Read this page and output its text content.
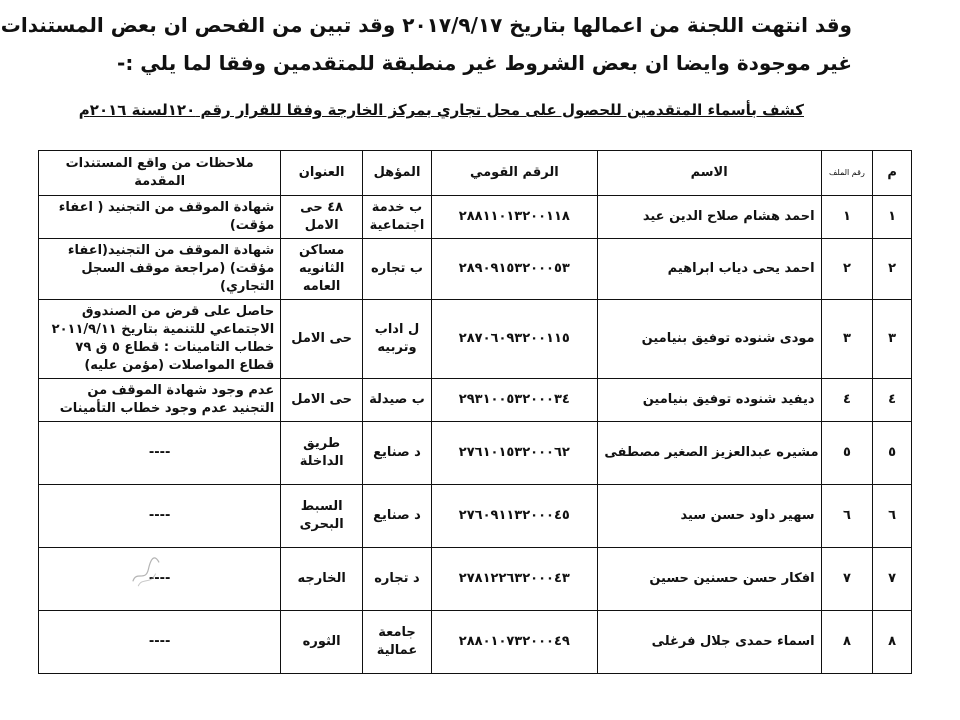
وقد انتهت اللجنة من اعمالها بتاريخ ٢٠١٧/٩/١٧ وقد تبين من الفحص ان بعض المستندات

غير موجودة وايضا ان بعض الشروط غير منطبقة للمتقدمين وفقا لما يلي :-

كشف بأسماء المتقدمين للحصول على محل تجاري بمركز الخارجة وفقا للقرار رقم ١٢٠لسنة ٢٠١٦م
م	رقم الملف	الاسم	الرقم القومي	المؤهل	العنوان	ملاحظات من واقع المستندات المقدمة
١	١	احمد هشام صلاح الدين عيد	٢٨٨١١٠١٣٢٠٠١١٨	ب خدمة اجتماعية	٤٨ حى الامل	شهادة الموقف من التجنيد ( اعفاء مؤقت)
٢	٢	احمد يحى دياب ابراهيم	٢٨٩٠٩١٥٣٢٠٠٠٥٣	ب تجاره	مساكن الثانويه العامه	شهادة الموقف من التجنيد(اعفاء مؤقت) (مراجعة موقف السجل التجاري)
٣	٣	مودى شنوده توفيق بنيامين	٢٨٧٠٦٠٩٣٢٠٠١١٥	ل اداب وتربيه	حى الامل	حاصل على قرض من الصندوق الاجتماعي للتنمية بتاريخ ٢٠١١/٩/١١ خطاب التامينات : قطاع ٥ ق ٧٩ قطاع المواصلات (مؤمن عليه)
٤	٤	ديفيد شنوده توفيق بنيامين	٢٩٣١٠٠٥٣٢٠٠٠٣٤	ب صيدلة	حى الامل	عدم وجود شهادة الموقف من التجنيد عدم وجود خطاب التأمينات
٥	٥	مشيره عبدالعزيز الصغير مصطفى	٢٧٦١٠١٥٣٢٠٠٠٦٢	د صنايع	طريق الداخلة	----
٦	٦	سهير داود حسن سيد	٢٧٦٠٩١١٣٢٠٠٠٤٥	د صنايع	السبط البحرى	----
٧	٧	افكار حسن حسنين حسين	٢٧٨١٢٢٦٣٢٠٠٠٤٣	د تجاره	الخارجه	----
٨	٨	اسماء حمدى جلال فرغلى	٢٨٨٠١٠٧٣٢٠٠٠٤٩	جامعة عمالية	الثوره	----
